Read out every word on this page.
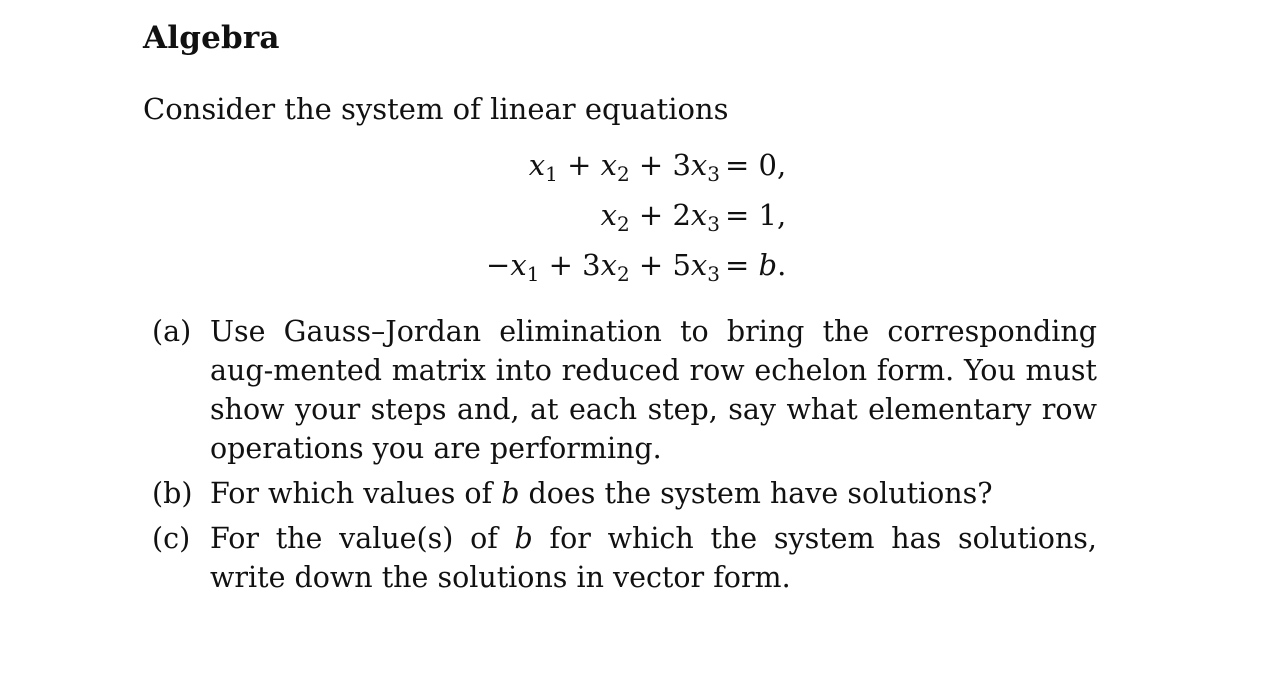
Algebra
Consider the system of linear equations
$x_1 + x_2 + 3x_3 = 0$,
$x_2 + 2x_3 = 1$,
$-x_1 + 3x_2 + 5x_3 = b$.
(a) Use Gauss–Jordan elimination to bring the corresponding aug-mented matrix into reduced row echelon form. You must show your steps and, at each step, say what elementary row operations you are performing.
(b) For which values of b does the system have solutions?
(c) For the value(s) of b for which the system has solutions, write down the solutions in vector form.
